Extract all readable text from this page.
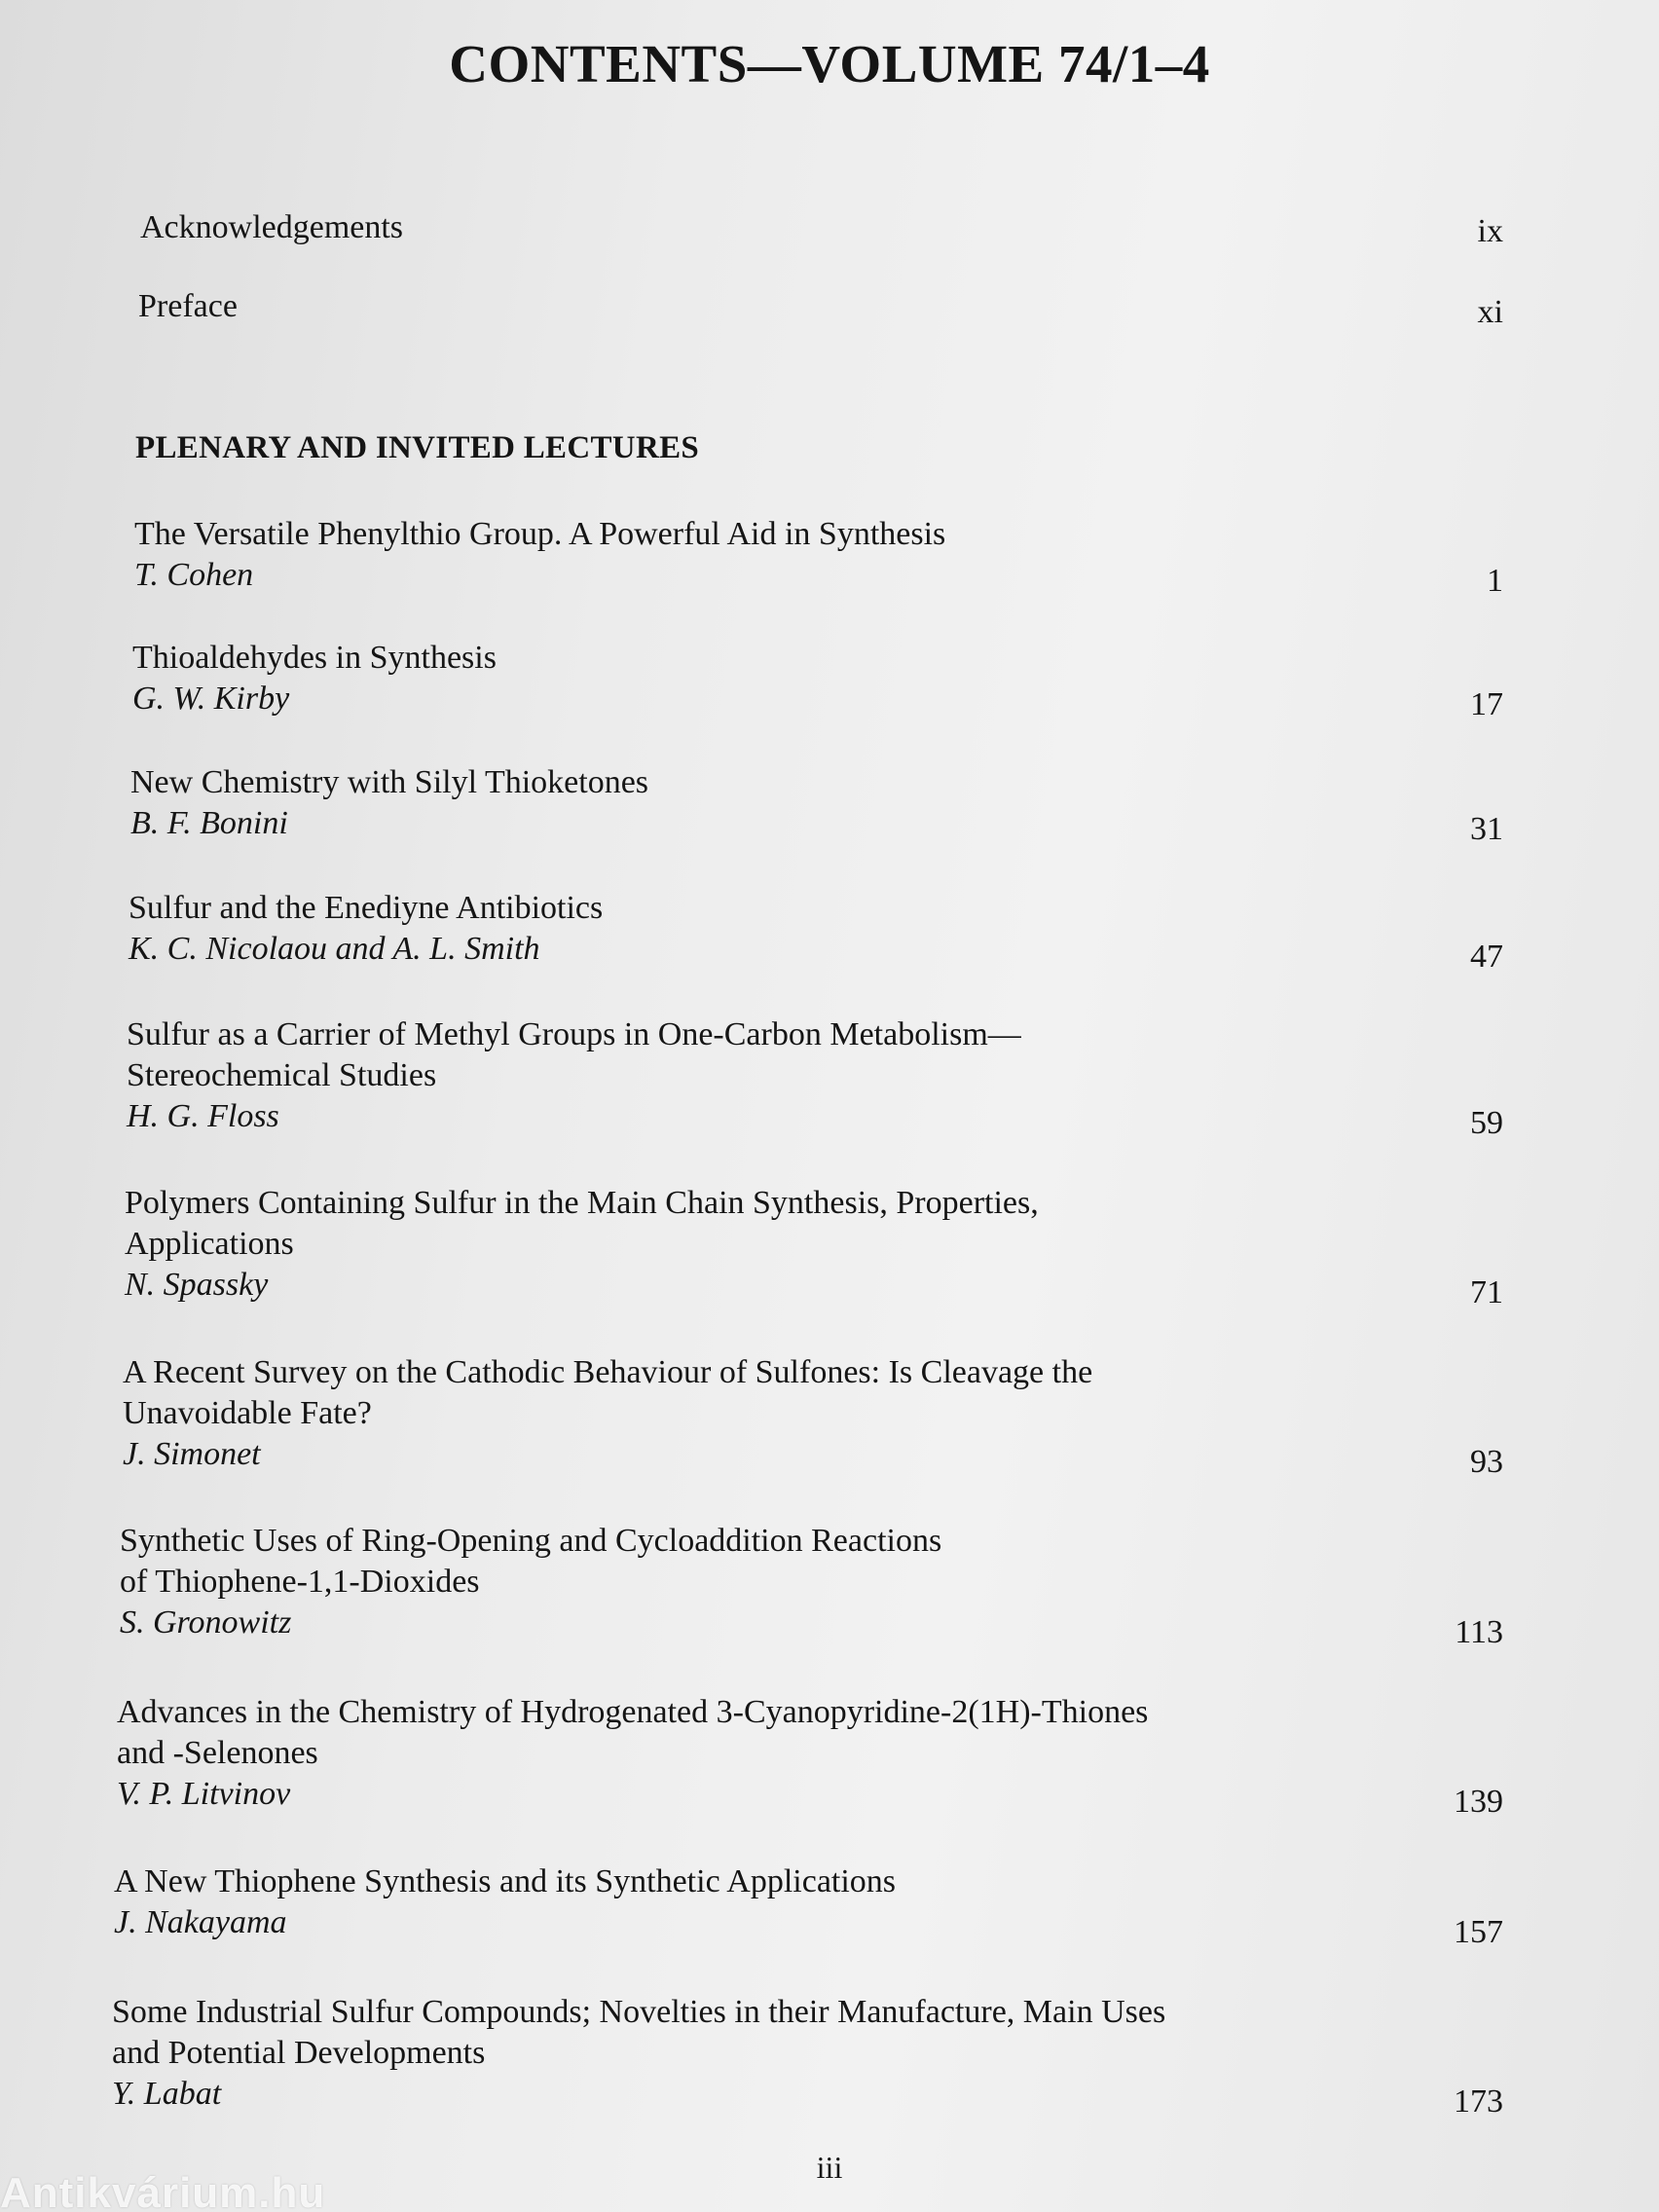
CONTENTS—VOLUME 74/1–4
Acknowledgements	ix
Preface	xi
PLENARY AND INVITED LECTURES
The Versatile Phenylthio Group. A Powerful Aid in Synthesis
T. Cohen	1
Thioaldehydes in Synthesis
G. W. Kirby	17
New Chemistry with Silyl Thioketones
B. F. Bonini	31
Sulfur and the Enediyne Antibiotics
K. C. Nicolaou and A. L. Smith	47
Sulfur as a Carrier of Methyl Groups in One-Carbon Metabolism—
Stereochemical Studies
H. G. Floss	59
Polymers Containing Sulfur in the Main Chain Synthesis, Properties,
Applications
N. Spassky	71
A Recent Survey on the Cathodic Behaviour of Sulfones: Is Cleavage the
Unavoidable Fate?
J. Simonet	93
Synthetic Uses of Ring-Opening and Cycloaddition Reactions
of Thiophene-1,1-Dioxides
S. Gronowitz	113
Advances in the Chemistry of Hydrogenated 3-Cyanopyridine-2(1H)-Thiones
and -Selenones
V. P. Litvinov	139
A New Thiophene Synthesis and its Synthetic Applications
J. Nakayama	157
Some Industrial Sulfur Compounds; Novelties in their Manufacture, Main Uses
and Potential Developments
Y. Labat	173
iii
Antikvárium.hu
